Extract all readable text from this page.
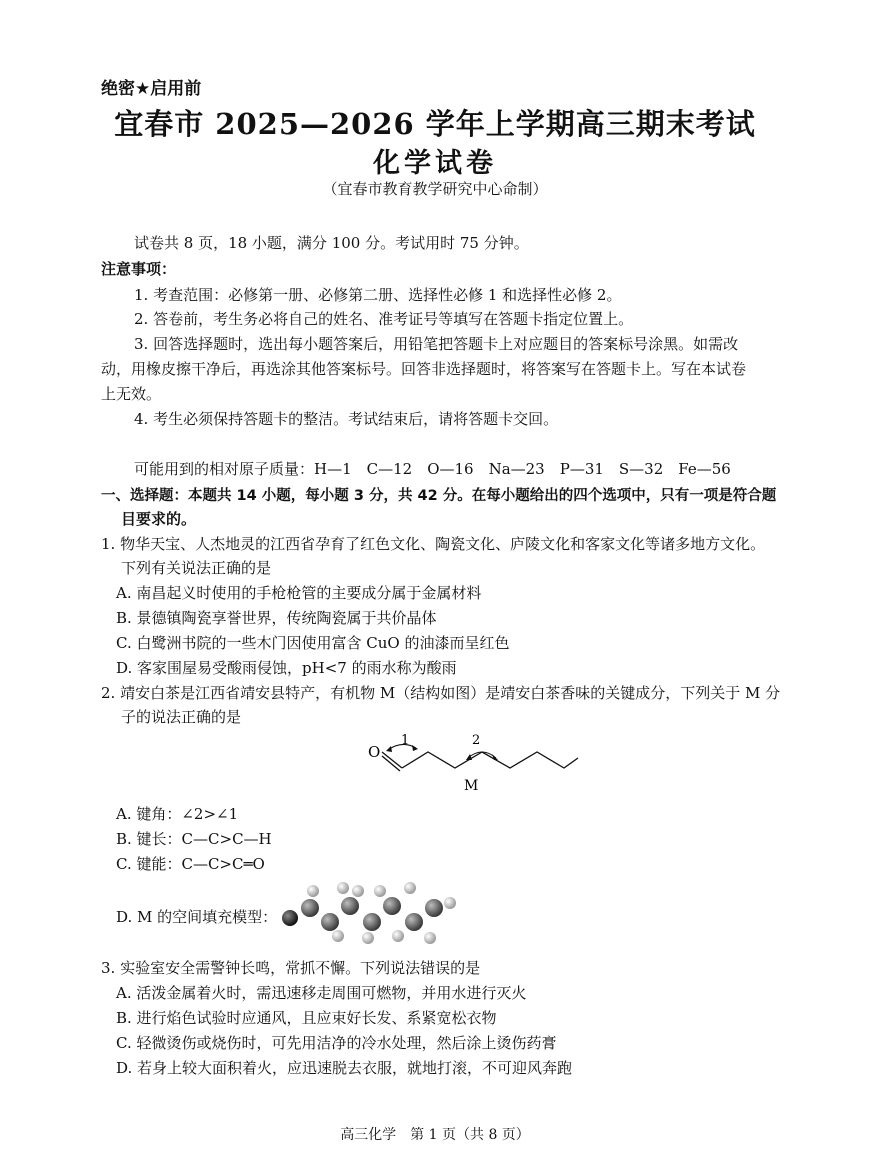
绝密★启用前
宜春市 2025—2026 学年上学期高三期末考试
化学试卷
（宜春市教育教学研究中心命制）
试卷共 8 页，18 小题，满分 100 分。考试用时 75 分钟。
注意事项：
1. 考查范围：必修第一册、必修第二册、选择性必修 1 和选择性必修 2。
2. 答卷前，考生务必将自己的姓名、准考证号等填写在答题卡指定位置上。
3. 回答选择题时，选出每小题答案后，用铅笔把答题卡上对应题目的答案标号涂黑。如需改
动，用橡皮擦干净后，再选涂其他答案标号。回答非选择题时，将答案写在答题卡上。写在本试卷
上无效。
4. 考生必须保持答题卡的整洁。考试结束后，请将答题卡交回。
可能用到的相对原子质量：H—1　C—12　O—16　Na—23　P—31　S—32　Fe—56
一、选择题：本题共 14 小题，每小题 3 分，共 42 分。在每小题给出的四个选项中，只有一项是符合题
目要求的。
1. 物华天宝、人杰地灵的江西省孕育了红色文化、陶瓷文化、庐陵文化和客家文化等诸多地方文化。
下列有关说法正确的是
A. 南昌起义时使用的手枪枪管的主要成分属于金属材料
B. 景德镇陶瓷享誉世界，传统陶瓷属于共价晶体
C. 白鹭洲书院的一些木门因使用富含 CuO 的油漆而呈红色
D. 客家围屋易受酸雨侵蚀，pH<7 的雨水称为酸雨
2. 靖安白茶是江西省靖安县特产，有机物 M（结构如图）是靖安白茶香味的关键成分，下列关于 M 分
子的说法正确的是
O
1	2
M
A. 键角：∠2>∠1
B. 键长：C—C>C—H
C. 键能：C—C>C═O
D. M 的空间填充模型：
3. 实验室安全需警钟长鸣，常抓不懈。下列说法错误的是
A. 活泼金属着火时，需迅速移走周围可燃物，并用水进行灭火
B. 进行焰色试验时应通风，且应束好长发、系紧宽松衣物
C. 轻微烫伤或烧伤时，可先用洁净的冷水处理，然后涂上烫伤药膏
D. 若身上较大面积着火，应迅速脱去衣服，就地打滚，不可迎风奔跑
高三化学　第 1 页（共 8 页）
